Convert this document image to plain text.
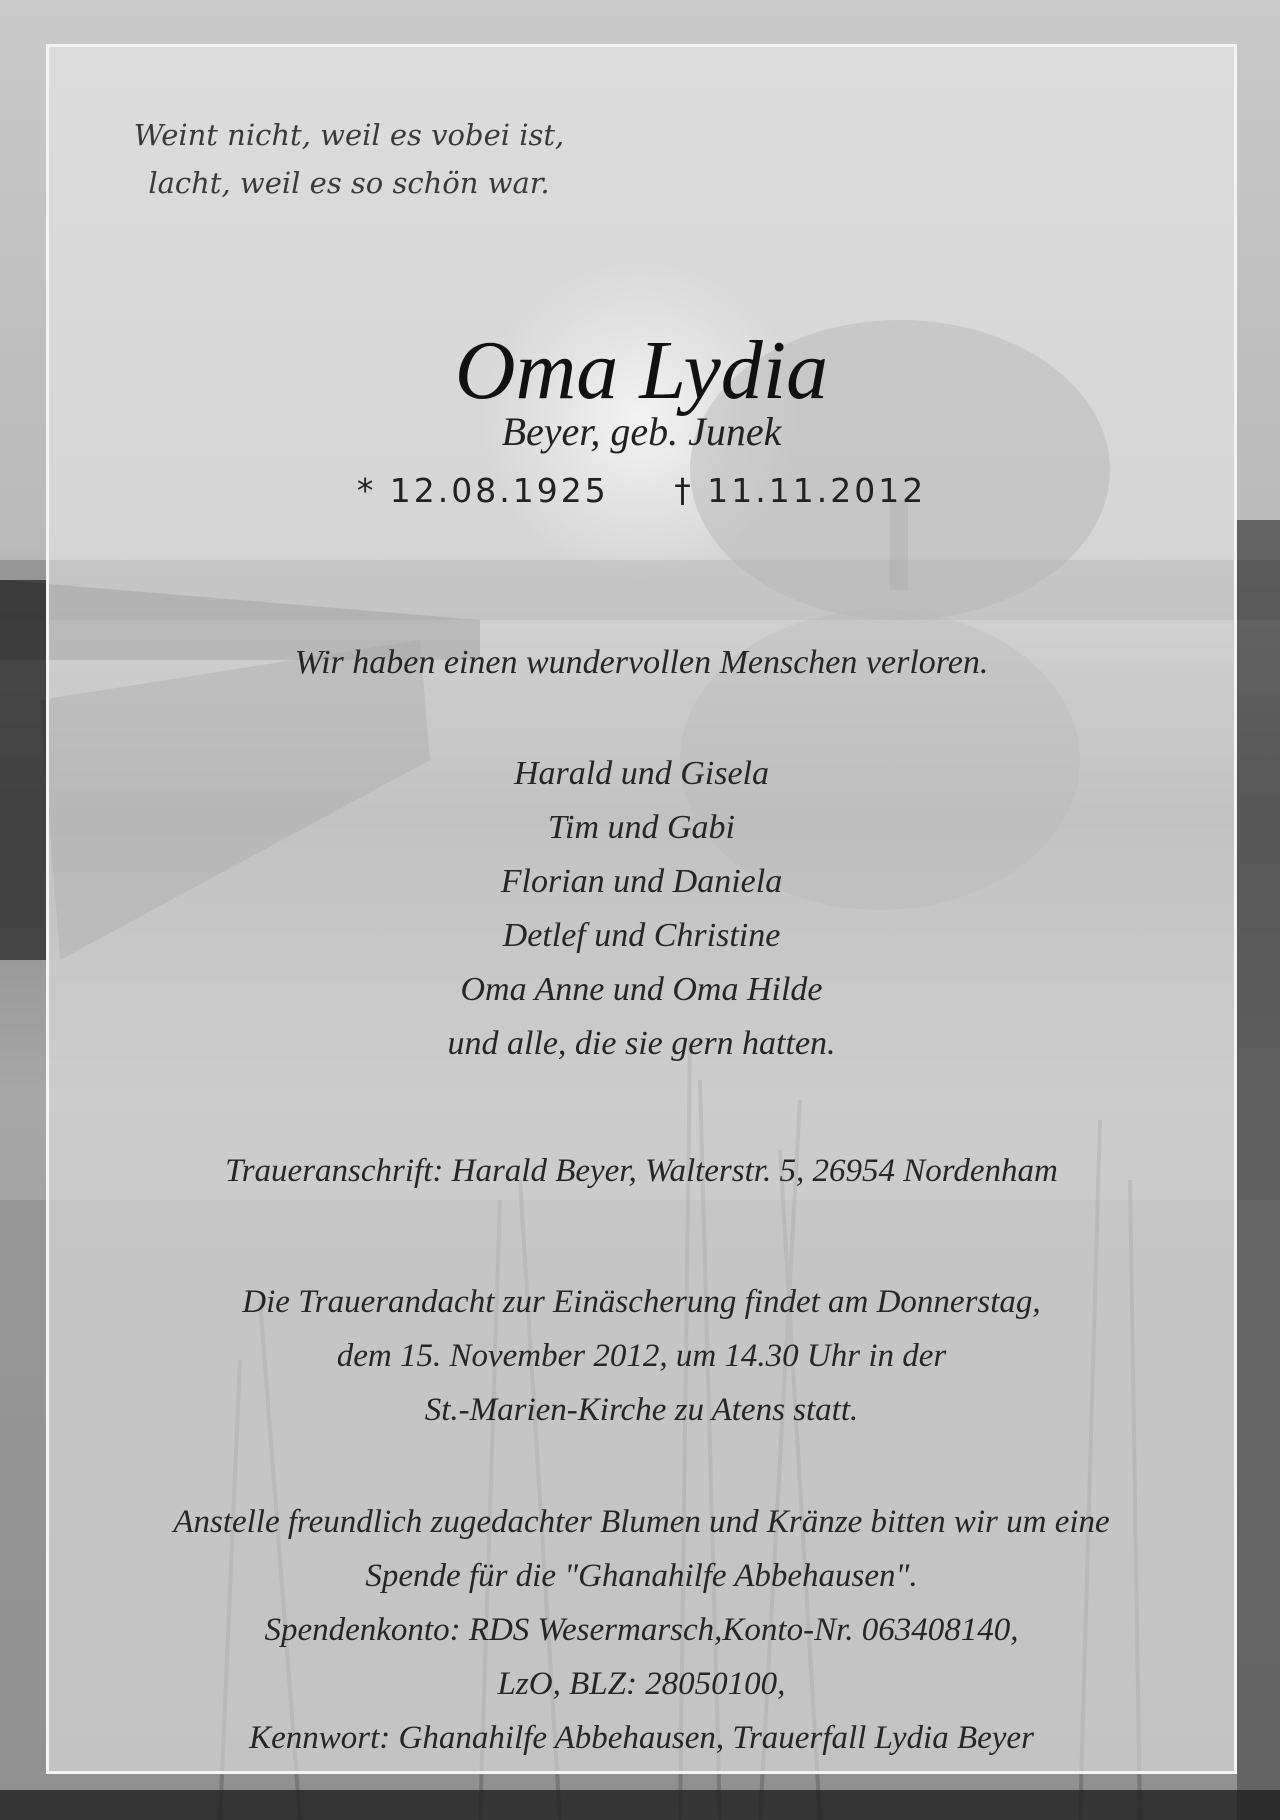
Weint nicht, weil es vobei ist,
lacht, weil es so schön war.
Oma Lydia
Beyer, geb. Junek
* 12.08.1925 † 11.11.2012
Wir haben einen wundervollen Menschen verloren.
Harald und Gisela
Tim und Gabi
Florian und Daniela
Detlef und Christine
Oma Anne und Oma Hilde
und alle, die sie gern hatten.
Traueranschrift: Harald Beyer, Walterstr. 5, 26954 Nordenham
Die Trauerandacht zur Einäscherung findet am Donnerstag,
dem 15. November 2012, um 14.30 Uhr in der
St.-Marien-Kirche zu Atens statt.
Anstelle freundlich zugedachter Blumen und Kränze bitten wir um eine
Spende für die "Ghanahilfe Abbehausen".
Spendenkonto: RDS Wesermarsch,Konto-Nr. 063408140,
LzO, BLZ: 28050100,
Kennwort: Ghanahilfe Abbehausen, Trauerfall Lydia Beyer
